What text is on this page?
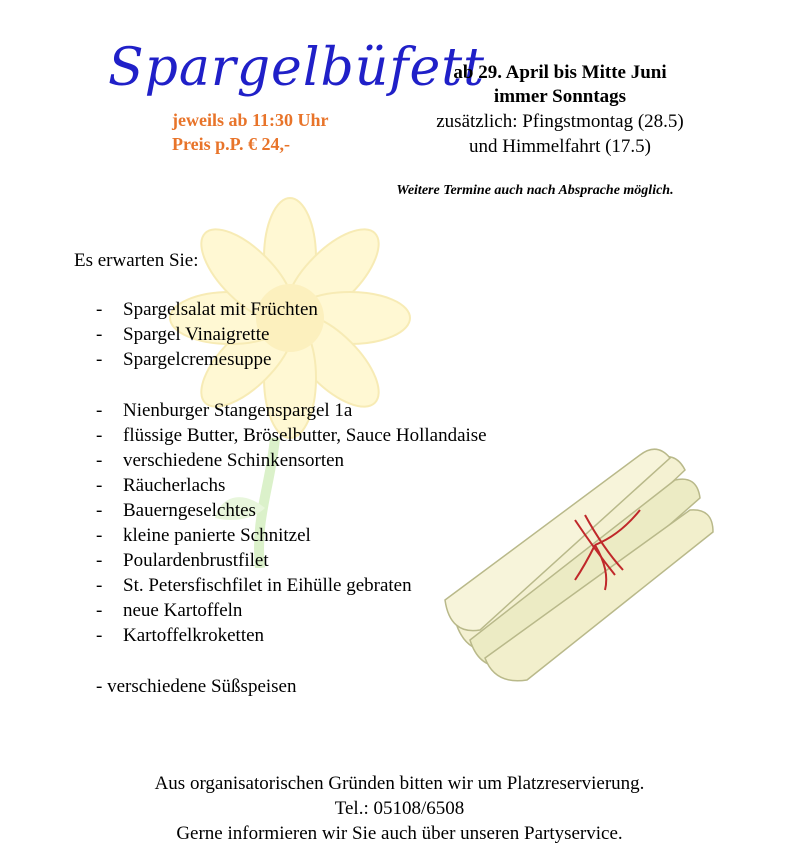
Spargelbüfett
jeweils ab 11:30 Uhr
Preis p.P. € 24,-
ab 29. April bis Mitte Juni
immer Sonntags
zusätzlich: Pfingstmontag (28.5)
und Himmelfahrt (17.5)
Weitere Termine auch nach Absprache möglich.
Es erwarten Sie:
- Spargelsalat mit Früchten
- Spargel Vinaigrette
- Spargelcremesuppe
- Nienburger Stangenspargel 1a
- flüssige Butter, Bröselbutter, Sauce Hollandaise
- verschiedene Schinkensorten
- Räucherlachs
- Bauerngeselchtes
- kleine panierte Schnitzel
- Poulardenbrustfilet
- St. Petersfischfilet in Eihülle gebraten
- neue Kartoffeln
- Kartoffelkroketten
- verschiedene Süßspeisen
Aus organisatorischen Gründen bitten wir um Platzreservierung.
Tel.: 05108/6508
Gerne informieren wir Sie auch über unseren Partyservice.
